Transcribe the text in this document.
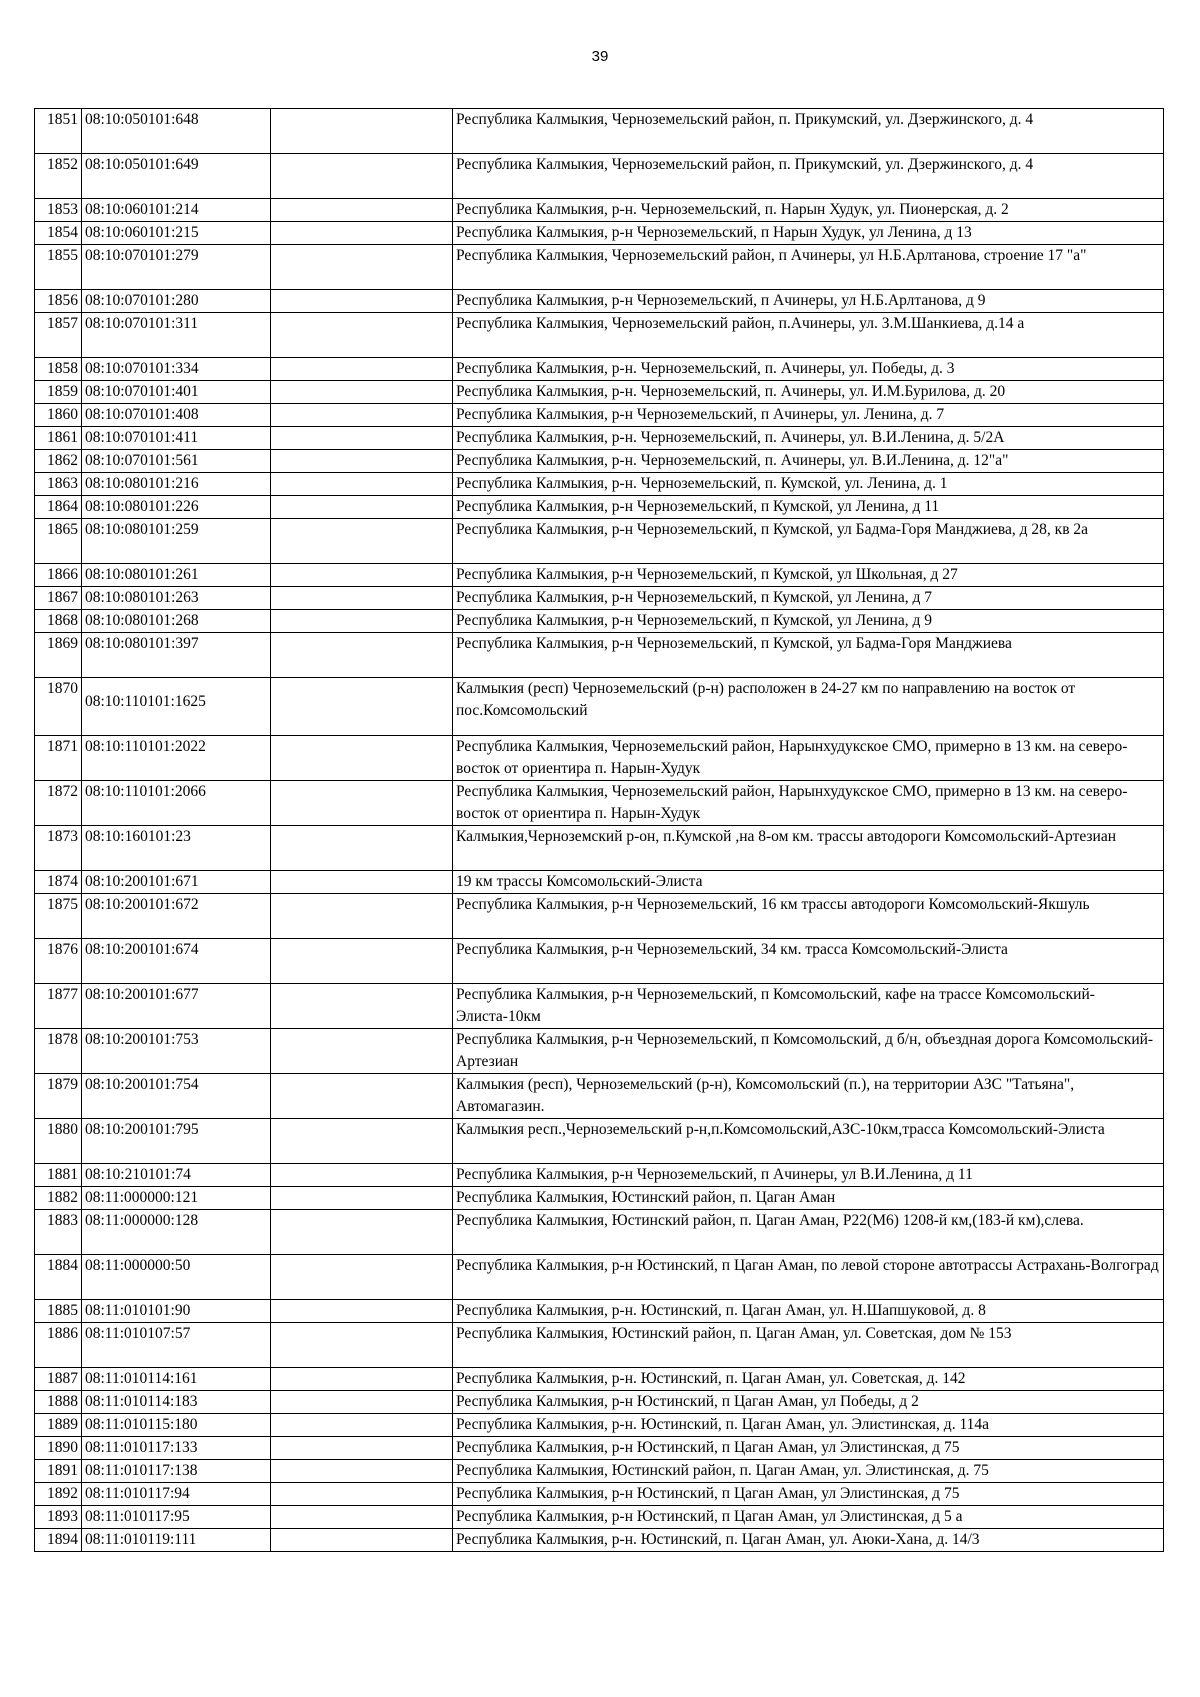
39
1851	08:10:050101:648		Республика Калмыкия, Черноземельский район, п. Прикумский, ул. Дзержинского, д. 4
1852	08:10:050101:649		Республика Калмыкия, Черноземельский район, п. Прикумский, ул. Дзержинского, д. 4
1853	08:10:060101:214		Республика Калмыкия, р-н. Черноземельский, п. Нарын Худук, ул. Пионерская, д. 2
1854	08:10:060101:215		Республика Калмыкия, р-н Черноземельский, п Нарын Худук, ул Ленина, д 13
1855	08:10:070101:279		Республика Калмыкия, Черноземельский район, п Ачинеры, ул Н.Б.Арлтанова, строение 17 "а"
1856	08:10:070101:280		Республика Калмыкия, р-н Черноземельский, п Ачинеры, ул Н.Б.Арлтанова, д 9
1857	08:10:070101:311		Республика Калмыкия, Черноземельский район, п.Ачинеры, ул. З.М.Шанкиева, д.14 а
1858	08:10:070101:334		Республика Калмыкия, р-н. Черноземельский, п. Ачинеры, ул. Победы, д. 3
1859	08:10:070101:401		Республика Калмыкия, р-н. Черноземельский, п. Ачинеры, ул. И.М.Бурилова, д. 20
1860	08:10:070101:408		Республика Калмыкия, р-н Черноземельский, п Ачинеры, ул. Ленина, д. 7
1861	08:10:070101:411		Республика Калмыкия, р-н. Черноземельский, п. Ачинеры, ул. В.И.Ленина, д. 5/2А
1862	08:10:070101:561		Республика Калмыкия, р-н. Черноземельский, п. Ачинеры, ул. В.И.Ленина, д. 12"а"
1863	08:10:080101:216		Республика Калмыкия, р-н. Черноземельский, п. Кумской, ул. Ленина, д. 1
1864	08:10:080101:226		Республика Калмыкия, р-н Черноземельский, п Кумской, ул Ленина, д 11
1865	08:10:080101:259		Республика Калмыкия, р-н Черноземельский, п Кумской, ул Бадма-Горя Манджиева, д 28, кв 2а
1866	08:10:080101:261		Республика Калмыкия, р-н Черноземельский, п Кумской, ул Школьная, д 27
1867	08:10:080101:263		Республика Калмыкия, р-н Черноземельский, п Кумской, ул Ленина, д 7
1868	08:10:080101:268		Республика Калмыкия, р-н Черноземельский, п Кумской, ул Ленина, д 9
1869	08:10:080101:397		Республика Калмыкия, р-н Черноземельский, п Кумской, ул Бадма-Горя Манджиева
1870	08:10:110101:1625		Калмыкия (респ) Черноземельский (р-н) расположен в 24-27 км по направлению на восток от пос.Комсомольский
1871	08:10:110101:2022		Республика Калмыкия, Черноземельский район, Нарынхудукское СМО, примерно в 13 км. на северо-восток от ориентира п. Нарын-Худук
1872	08:10:110101:2066		Республика Калмыкия, Черноземельский район, Нарынхудукское СМО, примерно в 13 км. на северо-восток от ориентира п. Нарын-Худук
1873	08:10:160101:23		Калмыкия,Черноземский р-он, п.Кумской ,на 8-ом км. трассы автодороги Комсомольский-Артезиан
1874	08:10:200101:671		19 км трассы Комсомольский-Элиста
1875	08:10:200101:672		Республика Калмыкия, р-н Черноземельский, 16 км трассы автодороги Комсомольский-Якшуль
1876	08:10:200101:674		Республика Калмыкия, р-н Черноземельский, 34 км. трасса Комсомольский-Элиста
1877	08:10:200101:677		Республика Калмыкия, р-н Черноземельский, п Комсомольский, кафе на трассе Комсомольский-Элиста-10км
1878	08:10:200101:753		Республика Калмыкия, р-н Черноземельский, п Комсомольский, д б/н, объездная дорога Комсомольский-Артезиан
1879	08:10:200101:754		Калмыкия (респ), Черноземельский (р-н), Комсомольский (п.), на территории АЗС "Татьяна", Автомагазин.
1880	08:10:200101:795		Калмыкия респ.,Черноземельский р-н,п.Комсомольский,АЗС-10км,трасса Комсомольский-Элиста
1881	08:10:210101:74		Республика Калмыкия, р-н Черноземельский, п Ачинеры, ул В.И.Ленина, д 11
1882	08:11:000000:121		Республика Калмыкия, Юстинский район, п. Цаган Аман
1883	08:11:000000:128		Республика Калмыкия, Юстинский район, п. Цаган Аман, Р22(М6) 1208-й км,(183-й км),слева.
1884	08:11:000000:50		Республика Калмыкия, р-н Юстинский, п Цаган Аман, по левой стороне автотрассы Астрахань-Волгоград
1885	08:11:010101:90		Республика Калмыкия, р-н. Юстинский, п. Цаган Аман, ул. Н.Шапшуковой, д. 8
1886	08:11:010107:57		Республика Калмыкия, Юстинский район, п. Цаган Аман, ул. Советская, дом № 153
1887	08:11:010114:161		Республика Калмыкия, р-н. Юстинский, п. Цаган Аман, ул. Советская, д. 142
1888	08:11:010114:183		Республика Калмыкия, р-н Юстинский, п Цаган Аман, ул Победы, д 2
1889	08:11:010115:180		Республика Калмыкия, р-н. Юстинский, п. Цаган Аман, ул. Элистинская, д. 114а
1890	08:11:010117:133		Республика Калмыкия, р-н Юстинский, п Цаган Аман, ул Элистинская, д 75
1891	08:11:010117:138		Республика Калмыкия, Юстинский район, п. Цаган Аман, ул. Элистинская, д. 75
1892	08:11:010117:94		Республика Калмыкия, р-н Юстинский, п Цаган Аман, ул Элистинская, д 75
1893	08:11:010117:95		Республика Калмыкия, р-н Юстинский, п Цаган Аман, ул Элистинская, д 5 а
1894	08:11:010119:111		Республика Калмыкия, р-н. Юстинский, п. Цаган Аман, ул. Аюки-Хана, д. 14/3
